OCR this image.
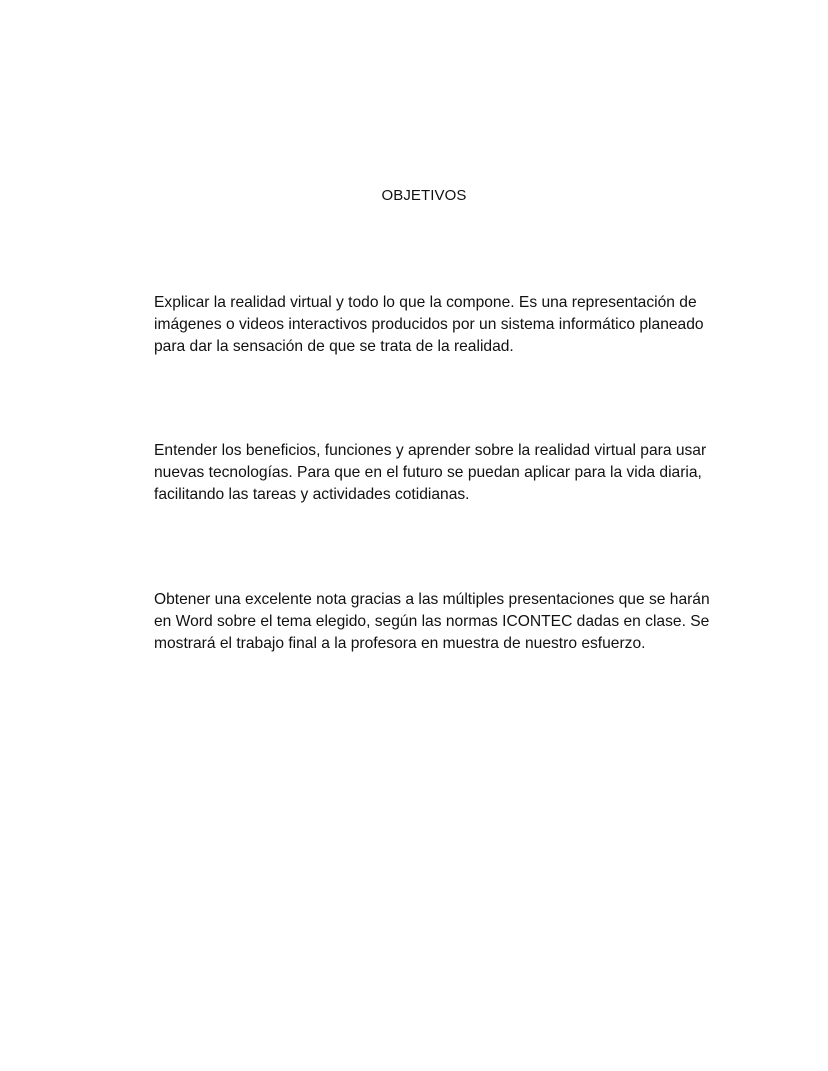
OBJETIVOS

Explicar la realidad virtual y todo lo que la compone. Es una representación de
imágenes o videos interactivos producidos por un sistema informático planeado
para dar la sensación de que se trata de la realidad.

Entender los beneficios, funciones y aprender sobre la realidad virtual para usar
nuevas tecnologías. Para que en el futuro se puedan aplicar para la vida diaria,
facilitando las tareas y actividades cotidianas.

Obtener una excelente nota gracias a las múltiples presentaciones que se harán
en Word sobre el tema elegido, según las normas ICONTEC dadas en clase. Se
mostrará el trabajo final a la profesora en muestra de nuestro esfuerzo.
